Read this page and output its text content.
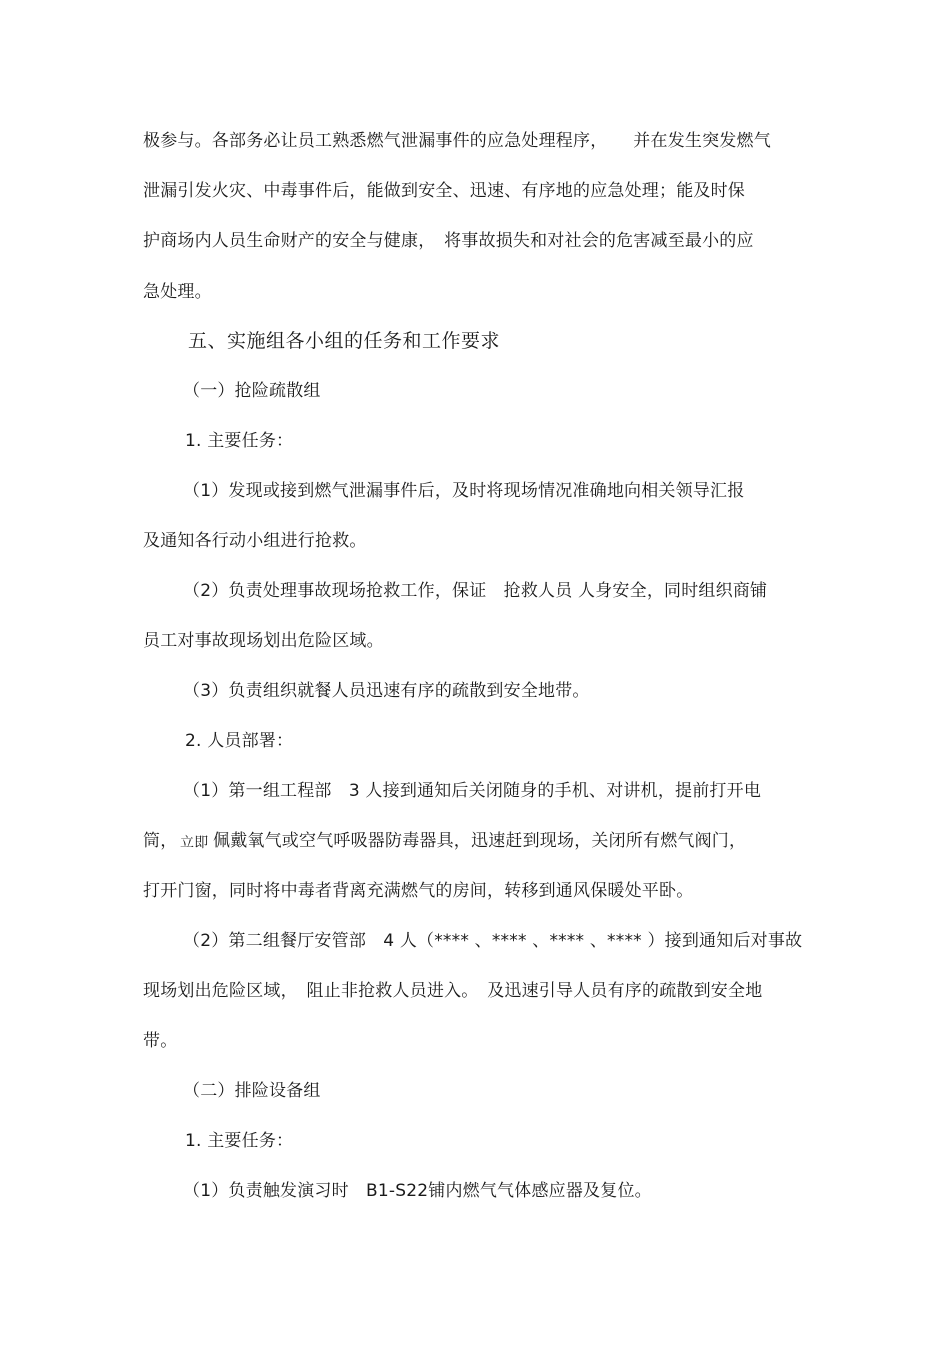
极参与。各部务必让员工熟悉燃气泄漏事件的应急处理程序，　　并在发生突发燃气
泄漏引发火灾、中毒事件后，能做到安全、迅速、有序地的应急处理；能及时保
护商场内人员生命财产的安全与健康，　将事故损失和对社会的危害减至最小的应
急处理。
五、实施组各小组的任务和工作要求
（一）抢险疏散组
1. 主要任务：
（1）发现或接到燃气泄漏事件后，及时将现场情况准确地向相关领导汇报
及通知各行动小组进行抢救。
（2）负责处理事故现场抢救工作，保证　抢救人员 人身安全，同时组织商铺
员工对事故现场划出危险区域。
（3）负责组织就餐人员迅速有序的疏散到安全地带。
2. 人员部署：
（1）第一组工程部　3 人接到通知后关闭随身的手机、对讲机，提前打开电
筒， 立即 佩戴氧气或空气呼吸器防毒器具，迅速赶到现场，关闭所有燃气阀门，
打开门窗，同时将中毒者背离充满燃气的房间，转移到通风保暖处平卧。
（2）第二组餐厅安管部　4 人（**** 、**** 、**** 、**** ）接到通知后对事故
现场划出危险区域，　阻止非抢救人员进入。　及迅速引导人员有序的疏散到安全地
带。
（二）排险设备组
1. 主要任务：
（1）负责触发演习时　B1-S22铺内燃气气体感应器及复位。
